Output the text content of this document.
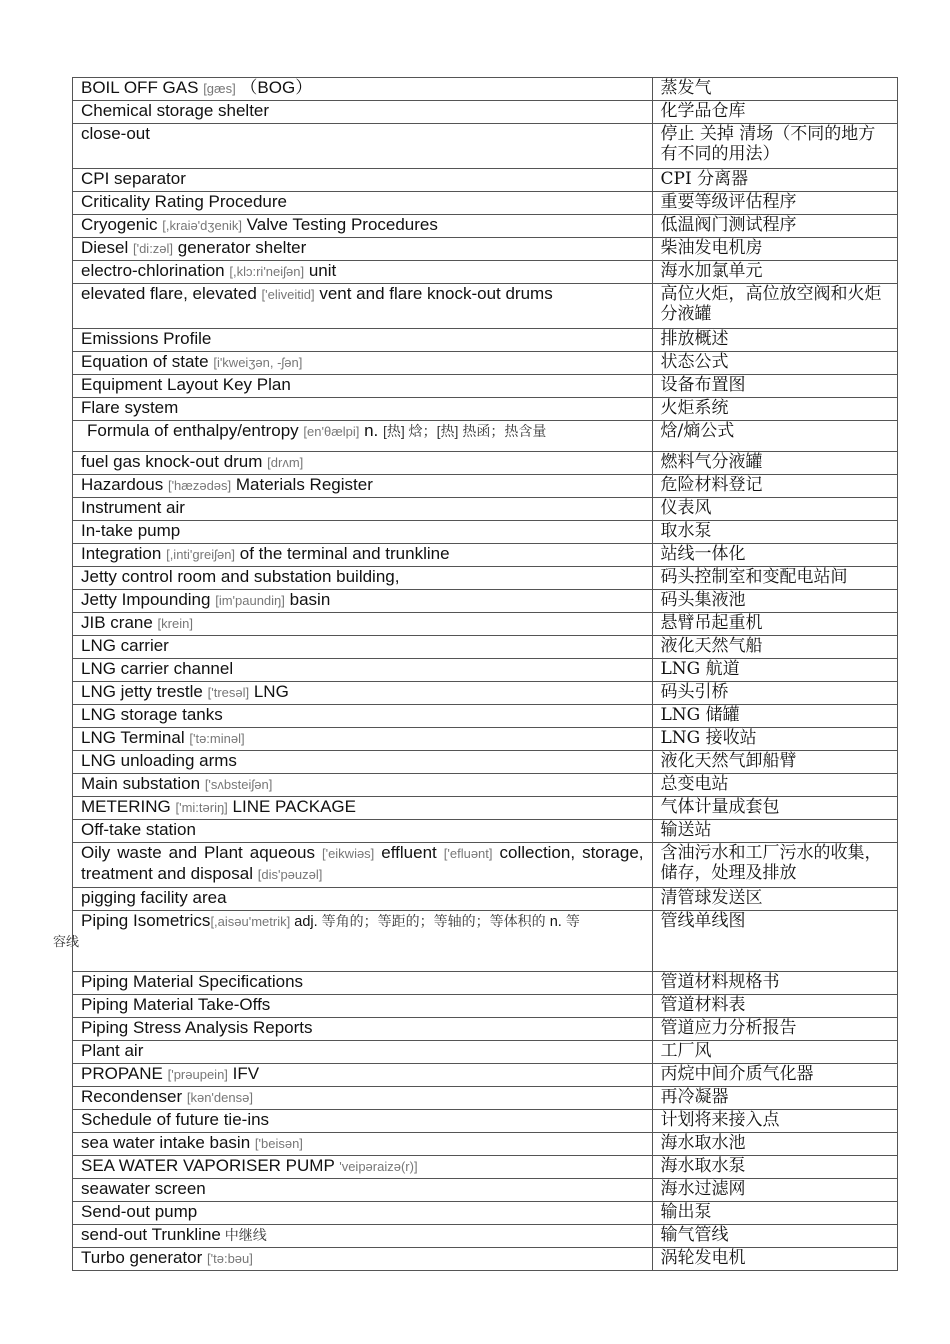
BOIL OFF GAS [gæs] （BOG）	蒸发气
Chemical storage shelter	化学品仓库
close-out	停止 关掉 清场（不同的地方有不同的用法）
CPI separator	CPI 分离器
Criticality Rating Procedure	重要等级评估程序
Cryogenic [,kraiə'dʒenik] Valve Testing Procedures	低温阀门测试程序
Diesel ['di:zəl] generator shelter	柴油发电机房
electro-chlorination [,klɔ:ri'neiʃən] unit	海水加氯单元
elevated flare, elevated ['eliveitid] vent and flare knock-out drums	高位火炬，高位放空阀和火炬分液罐
Emissions Profile	排放概述
Equation of state [i'kweiʒən, -ʃən]	状态公式
Equipment Layout Key Plan	设备布置图
Flare system	火炬系统
Formula of enthalpy/entropy [en'θælpi] n. [热] 焓；[热] 热函；热含量	焓/熵公式
fuel gas knock-out drum [drʌm]	燃料气分液罐
Hazardous ['hæzədəs] Materials Register	危险材料登记
Instrument air	仪表风
In-take pump	取水泵
Integration [,inti'greiʃən] of the terminal and trunkline	站线一体化
Jetty control room and substation building,	码头控制室和变配电站间
Jetty Impounding [im'paundiŋ] basin	码头集液池
JIB crane [krein]	悬臂吊起重机
LNG carrier	液化天然气船
LNG carrier channel	LNG 航道
LNG jetty trestle ['tresəl] LNG	码头引桥
LNG storage tanks	LNG 储罐
LNG Terminal ['tə:minəl]	LNG 接收站
LNG unloading arms	液化天然气卸船臂
Main substation ['sʌbsteiʃən]	总变电站
METERING ['mi:təriŋ] LINE PACKAGE	气体计量成套包
Off-take station	输送站
Oily waste and Plant aqueous ['eikwiəs] effluent ['efluənt] collection, storage, treatment and disposal [dis'pəuzəl]	含油污水和工厂污水的收集，储存，处理及排放
pigging facility area	清管球发送区
Piping Isometrics[,aisəu'metrik] adj. 等角的；等距的；等轴的；等体积的 n. 等	管线单线图
Piping Material Specifications	管道材料规格书
Piping Material Take-Offs	管道材料表
Piping Stress Analysis Reports	管道应力分析报告
Plant air	工厂风
PROPANE ['prəupein] IFV	丙烷中间介质气化器
Recondenser [kən'densə]	再冷凝器
Schedule of future tie-ins	计划将来接入点
sea water intake basin ['beisən]	海水取水池
SEA WATER VAPORISER PUMP 'veipəraizə(r)]	海水取水泵
seawater screen	海水过滤网
Send-out pump	输出泵
send-out Trunkline 中继线	输气管线
Turbo generator ['tə:bəu]	涡轮发电机
容线
